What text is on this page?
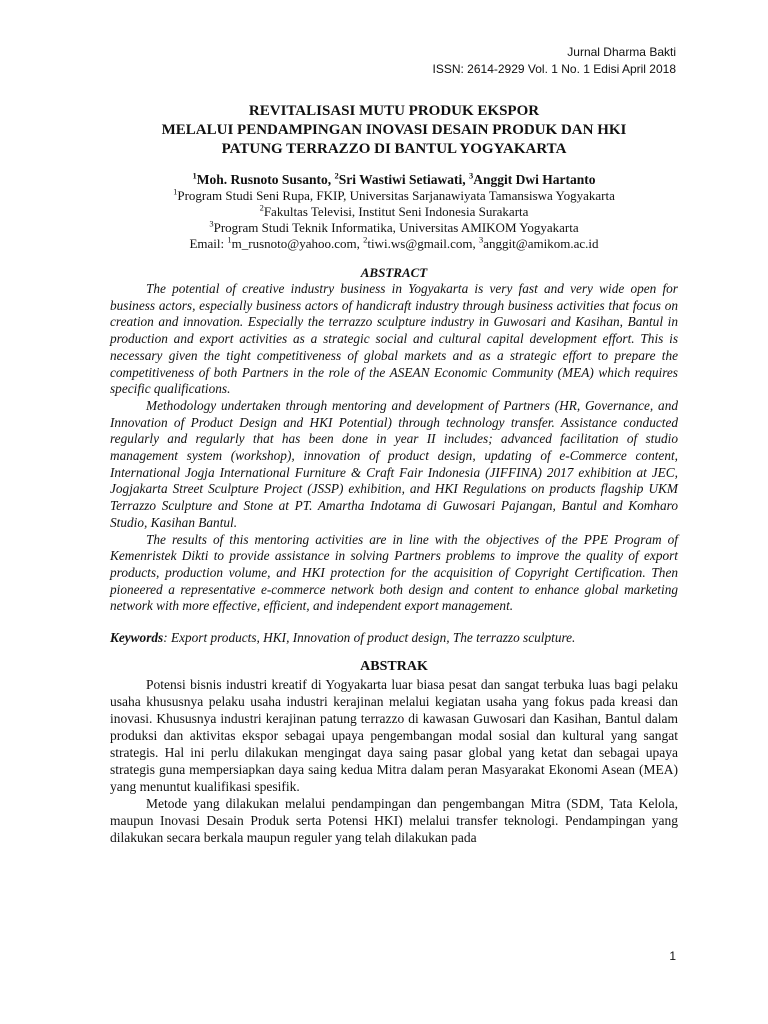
Jurnal Dharma Bakti
ISSN: 2614-2929 Vol. 1 No. 1 Edisi April 2018
REVITALISASI MUTU PRODUK EKSPOR
MELALUI PENDAMPINGAN INOVASI DESAIN PRODUK DAN HKI
PATUNG TERRAZZO DI BANTUL YOGYAKARTA
$^1$Moh. Rusnoto Susanto, $^2$Sri Wastiwi Setiawati, $^3$Anggit Dwi Hartanto
$^1$Program Studi Seni Rupa, FKIP, Universitas Sarjanawiyata Tamansiswa Yogyakarta
$^2$Fakultas Televisi, Institut Seni Indonesia Surakarta
$^3$Program Studi Teknik Informatika, Universitas AMIKOM Yogyakarta
Email: $^1$m_rusnoto@yahoo.com, $^2$tiwi.ws@gmail.com, $^3$anggit@amikom.ac.id
ABSTRACT

The potential of creative industry business in Yogyakarta is very fast and very wide open for business actors, especially business actors of handicraft industry through business activities that focus on creation and innovation. Especially the terrazzo sculpture industry in Guwosari and Kasihan, Bantul in production and export activities as a strategic social and cultural capital development effort. This is necessary given the tight competitiveness of global markets and as a strategic effort to prepare the competitiveness of both Partners in the role of the ASEAN Economic Community (MEA) which requires specific qualifications.

Methodology undertaken through mentoring and development of Partners (HR, Governance, and Innovation of Product Design and HKI Potential) through technology transfer. Assistance conducted regularly and regularly that has been done in year II includes; advanced facilitation of studio management system (workshop), innovation of product design, updating of e-Commerce content, International Jogja International Furniture & Craft Fair Indonesia (JIFFINA) 2017 exhibition at JEC, Jogjakarta Street Sculpture Project (JSSP) exhibition, and HKI Regulations on products flagship UKM Terrazzo Sculpture and Stone at PT. Amartha Indotama di Guwosari Pajangan, Bantul and Komharo Studio, Kasihan Bantul.

The results of this mentoring activities are in line with the objectives of the PPE Program of Kemenristek Dikti to provide assistance in solving Partners problems to improve the quality of export products, production volume, and HKI protection for the acquisition of Copyright Certification. Then pioneered a representative e-commerce network both design and content to enhance global marketing network with more effective, efficient, and independent export management.

Keywords: Export products, HKI, Innovation of product design, The terrazzo sculpture.
ABSTRAK

Potensi bisnis industri kreatif di Yogyakarta luar biasa pesat dan sangat terbuka luas bagi pelaku usaha khususnya pelaku usaha industri kerajinan melalui kegiatan usaha yang fokus pada kreasi dan inovasi. Khususnya industri kerajinan patung terrazzo di kawasan Guwosari dan Kasihan, Bantul dalam produksi dan aktivitas ekspor sebagai upaya pengembangan modal sosial dan kultural yang sangat strategis. Hal ini perlu dilakukan mengingat daya saing pasar global yang ketat dan sebagai upaya strategis guna mempersiapkan daya saing kedua Mitra dalam peran Masyarakat Ekonomi Asean (MEA) yang menuntut kualifikasi spesifik.

Metode yang dilakukan melalui pendampingan dan pengembangan Mitra (SDM, Tata Kelola, maupun Inovasi Desain Produk serta Potensi HKI) melalui transfer teknologi. Pendampingan yang dilakukan secara berkala maupun reguler yang telah dilakukan pada

1
